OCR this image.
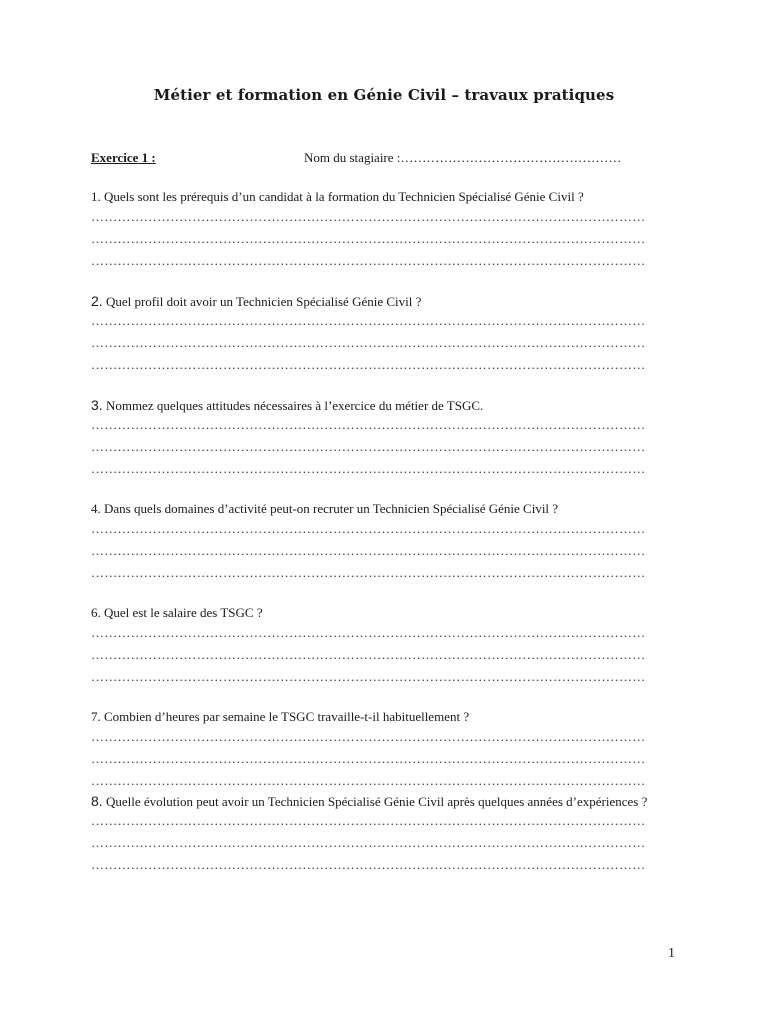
Métier et formation en Génie Civil – travaux pratiques
Exercice 1 :	Nom du stagiaire :……………………………………………
1. Quels sont les prérequis d’un candidat à la formation du Technicien Spécialisé Génie Civil ?
………………………………………………………………………………………………………………
………………………………………………………………………………………………………………
………………………………………………………………………………………………………………
2. Quel profil doit avoir un Technicien Spécialisé Génie Civil ?
………………………………………………………………………………………………………………
………………………………………………………………………………………………………………
………………………………………………………………………………………………………………
3. Nommez quelques attitudes nécessaires à l’exercice du métier de TSGC.
………………………………………………………………………………………………………………
………………………………………………………………………………………………………………
………………………………………………………………………………………………………………
4. Dans quels domaines d’activité peut-on recruter un Technicien Spécialisé Génie Civil ?
………………………………………………………………………………………………………………
………………………………………………………………………………………………………………
………………………………………………………………………………………………………………
6. Quel est le salaire des TSGC ?
………………………………………………………………………………………………………………
………………………………………………………………………………………………………………
………………………………………………………………………………………………………………
7. Combien d’heures par semaine le TSGC travaille-t-il habituellement ?
………………………………………………………………………………………………………………
………………………………………………………………………………………………………………
………………………………………………………………………………………………………………
8. Quelle évolution peut avoir un Technicien Spécialisé Génie Civil après quelques années d’expériences ?
………………………………………………………………………………………………………………
………………………………………………………………………………………………………………
………………………………………………………………………………………………………………
1
